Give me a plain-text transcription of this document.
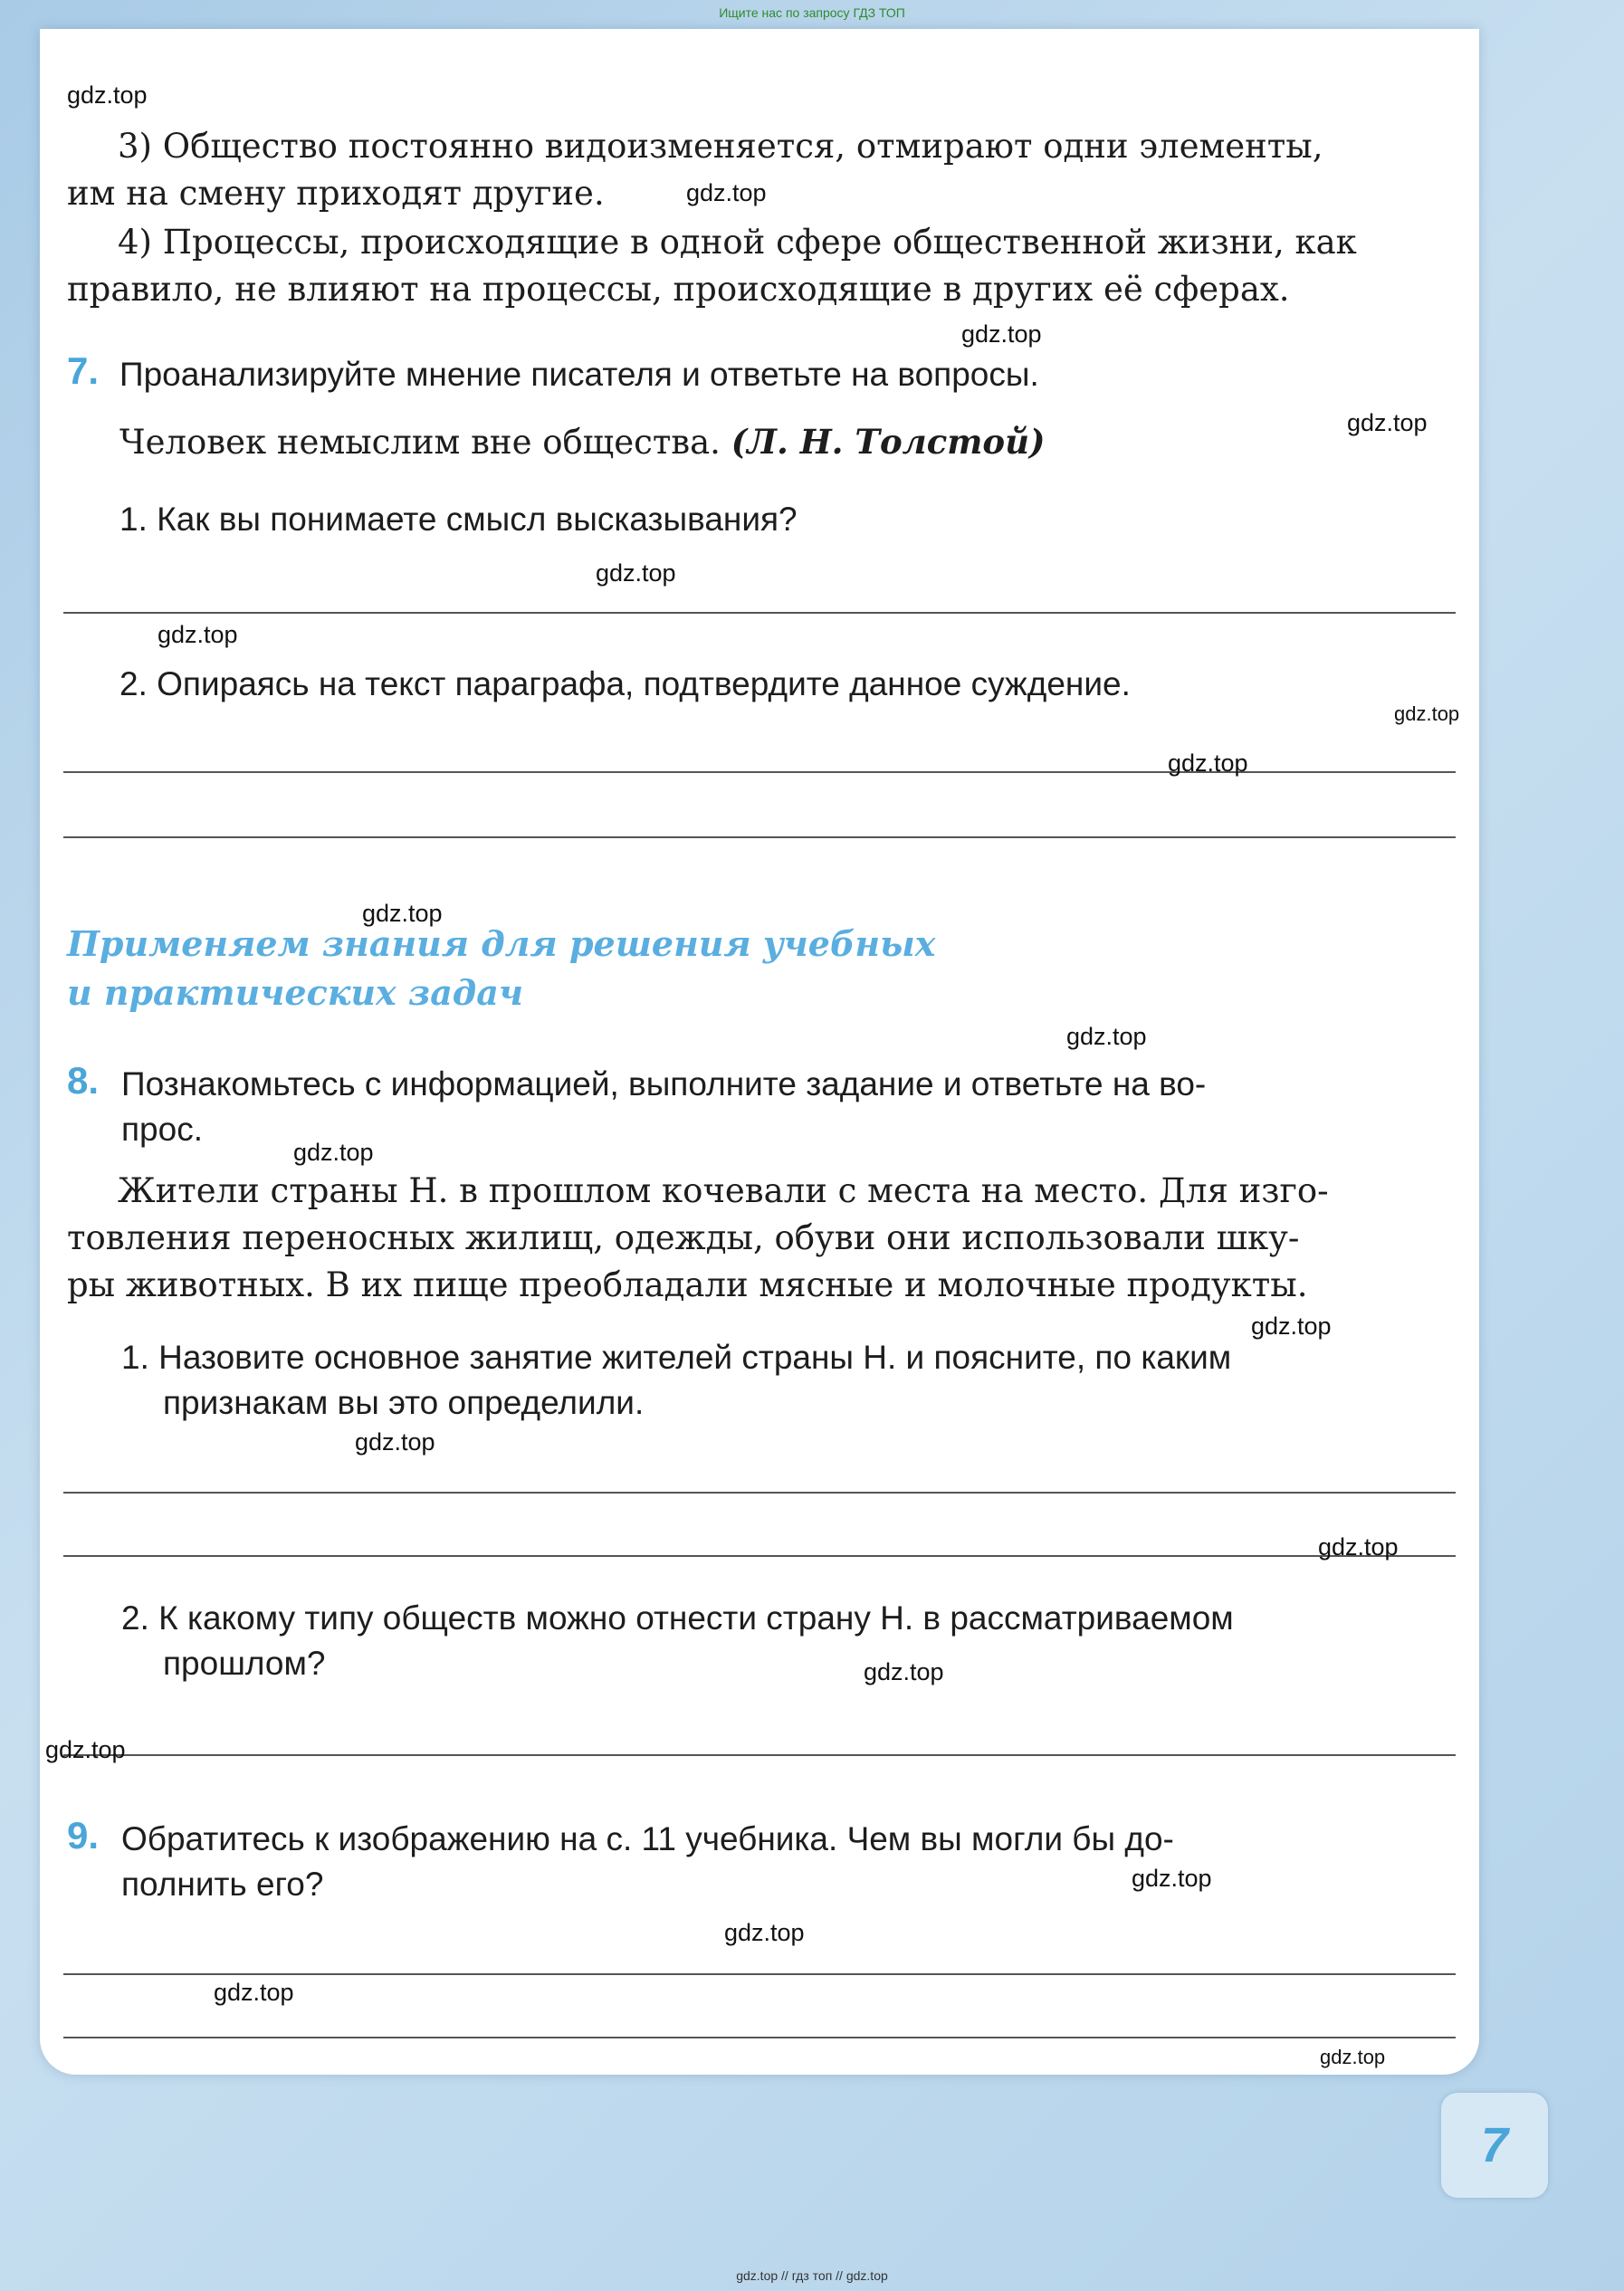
Ищите нас по запросу ГДЗ ТОП
3) Общество постоянно видоизменяется, отмирают одни элементы,
им на смену приходят другие.
4) Процессы, происходящие в одной сфере общественной жизни, как
правило, не влияют на процессы, происходящие в других её сферах.
7. Проанализируйте мнение писателя и ответьте на вопросы.
Человек немыслим вне общества. (Л. Н. Толстой)
1. Как вы понимаете смысл высказывания?
2. Опираясь на текст параграфа, подтвердите данное суждение.
Применяем знания для решения учебных
и практических задач
8. Познакомьтесь с информацией, выполните задание и ответьте на во-
прос.
Жители страны Н. в прошлом кочевали с места на место. Для изго-
товления переносных жилищ, одежды, обуви они использовали шку-
ры животных. В их пище преобладали мясные и молочные продукты.
1. Назовите основное занятие жителей страны Н. и поясните, по каким
признакам вы это определили.
2. К какому типу обществ можно отнести страну Н. в рассматриваемом
прошлом?
9. Обратитесь к изображению на с. 11 учебника. Чем вы могли бы до-
полнить его?
gdz.top
gdz.top
gdz.top
gdz.top
gdz.top
gdz.top
gdz.top
gdz.top
gdz.top
gdz.top
gdz.top
gdz.top
gdz.top
gdz.top
gdz.top
gdz.top
gdz.top
gdz.top
gdz.top
gdz.top
7
gdz.top // гдз топ // gdz.top
